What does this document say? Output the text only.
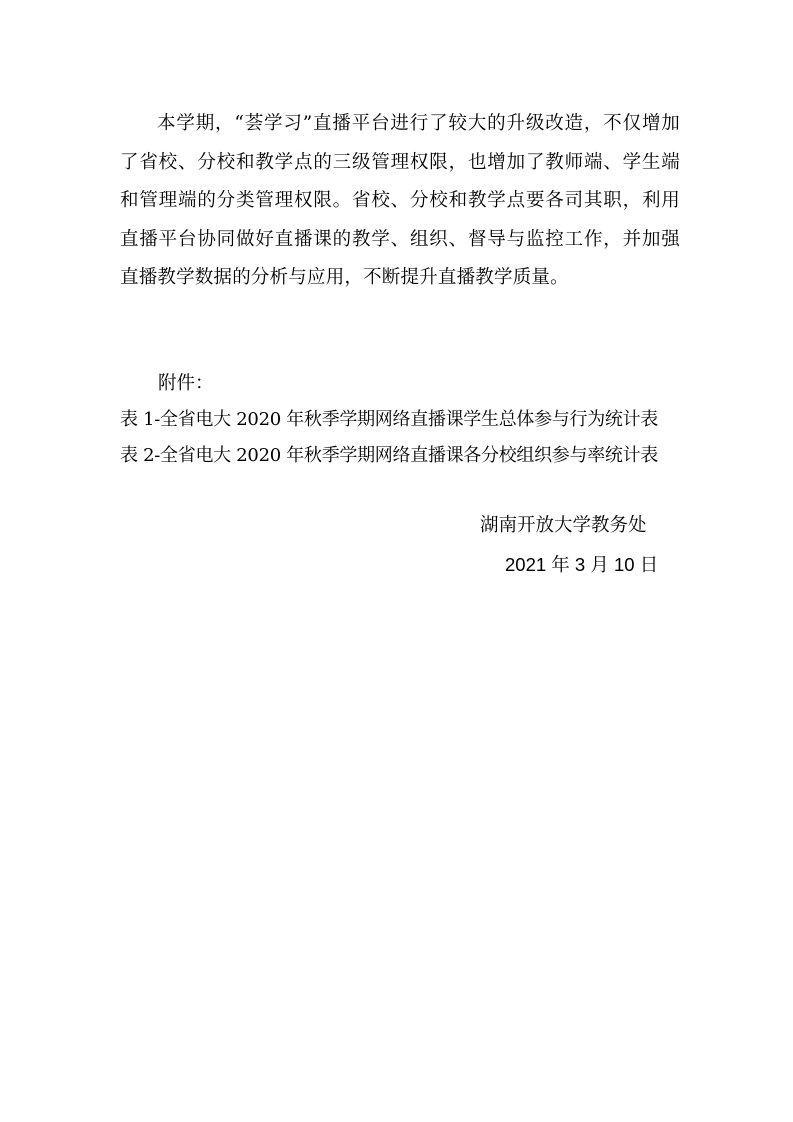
本学期，“荟学习”直播平台进行了较大的升级改造，不仅增加了省校、分校和教学点的三级管理权限，也增加了教师端、学生端和管理端的分类管理权限。省校、分校和教学点要各司其职，利用直播平台协同做好直播课的教学、组织、督导与监控工作，并加强直播教学数据的分析与应用，不断提升直播教学质量。

附件：

表 1-全省电大 2020 年秋季学期网络直播课学生总体参与行为统计表
表 2-全省电大 2020 年秋季学期网络直播课各分校组织参与率统计表

湖南开放大学教务处

2021 年 3 月 10 日
